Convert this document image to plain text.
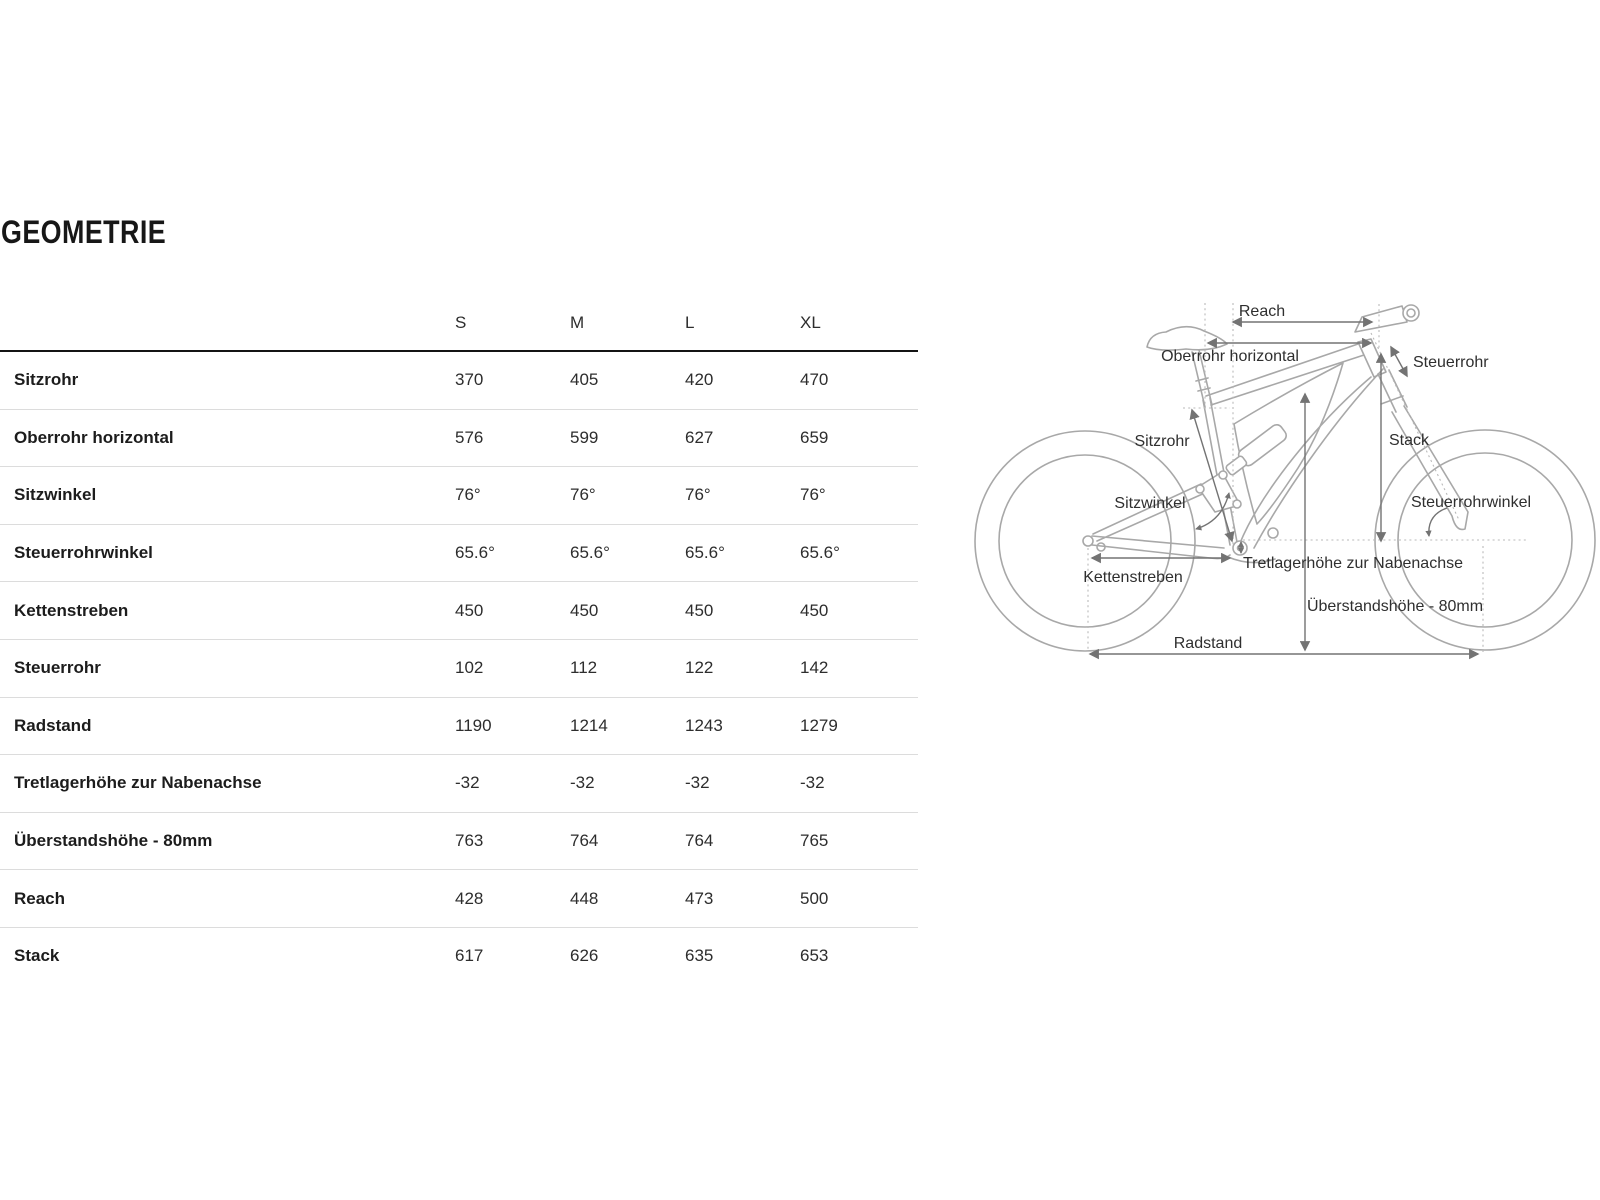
GEOMETRIE
S	M	L	XL
Sitzrohr	370	405	420	470
Oberrohr horizontal	576	599	627	659
Sitzwinkel	76°	76°	76°	76°
Steuerrohrwinkel	65.6°	65.6°	65.6°	65.6°
Kettenstreben	450	450	450	450
Steuerrohr	102	112	122	142
Radstand	1190	1214	1243	1279
Tretlagerhöhe zur Nabenachse	-32	-32	-32	-32
Überstandshöhe - 80mm	763	764	764	765
Reach	428	448	473	500
Stack	617	626	635	653
Reach
Oberrohr horizontal	Steuerrohr
Sitzrohr	Stack
Sitzwinkel	Steuerrohrwinkel
Tretlagerhöhe zur Nabenachse
Kettenstreben
Überstandshöhe - 80mm
Radstand
